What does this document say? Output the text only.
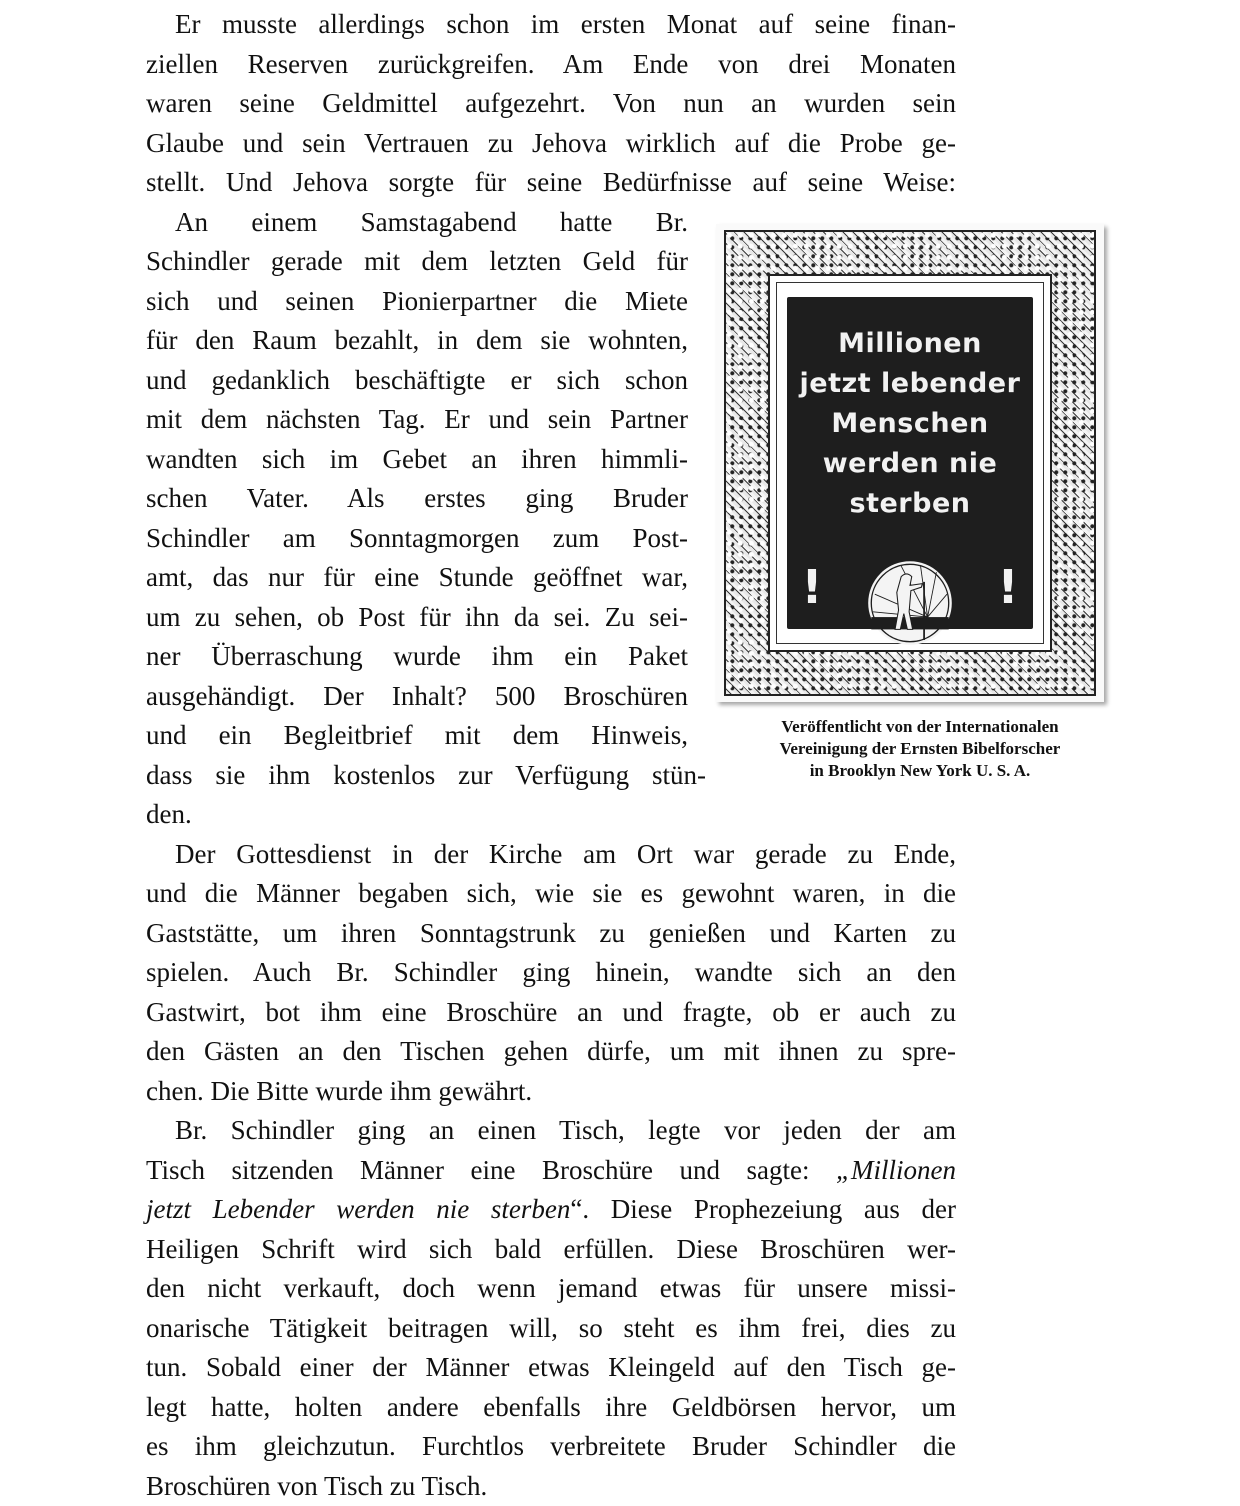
Er musste allerdings schon im ersten Monat auf seine finan-
ziellen Reserven zurückgreifen. Am Ende von drei Monaten
waren seine Geldmittel aufgezehrt. Von nun an wurden sein
Glaube und sein Vertrauen zu Jehova wirklich auf die Probe ge-
stellt. Und Jehova sorgte für seine Bedürfnisse auf seine Weise:
An einem Samstagabend hatte Br.
Schindler gerade mit dem letzten Geld für
sich und seinen Pionierpartner die Miete
für den Raum bezahlt, in dem sie wohnten,
und gedanklich beschäftigte er sich schon
mit dem nächsten Tag. Er und sein Partner
wandten sich im Gebet an ihren himmli-
schen Vater. Als erstes ging Bruder
Schindler am Sonntagmorgen zum Post-
amt, das nur für eine Stunde geöffnet war,
um zu sehen, ob Post für ihn da sei. Zu sei-
ner Überraschung wurde ihm ein Paket
ausgehändigt. Der Inhalt? 500 Broschüren
und ein Begleitbrief mit dem Hinweis,
dass sie ihm kostenlos zur Verfügung stün-
den.
Millionen
jetzt lebender
Menschen
werden nie
sterben
!	!
Veröffentlicht von der Internationalen
Vereinigung der Ernsten Bibelforscher
in Brooklyn New York U. S. A.
Der Gottesdienst in der Kirche am Ort war gerade zu Ende,
und die Männer begaben sich, wie sie es gewohnt waren, in die
Gaststätte, um ihren Sonntagstrunk zu genießen und Karten zu
spielen. Auch Br. Schindler ging hinein, wandte sich an den
Gastwirt, bot ihm eine Broschüre an und fragte, ob er auch zu
den Gästen an den Tischen gehen dürfe, um mit ihnen zu spre-
chen. Die Bitte wurde ihm gewährt.
Br. Schindler ging an einen Tisch, legte vor jeden der am
Tisch sitzenden Männer eine Broschüre und sagte: „Millionen
jetzt Lebender werden nie sterben“. Diese Prophezeiung aus der
Heiligen Schrift wird sich bald erfüllen. Diese Broschüren wer-
den nicht verkauft, doch wenn jemand etwas für unsere missi-
onarische Tätigkeit beitragen will, so steht es ihm frei, dies zu
tun. Sobald einer der Männer etwas Kleingeld auf den Tisch ge-
legt hatte, holten andere ebenfalls ihre Geldbörsen hervor, um
es ihm gleichzutun. Furchtlos verbreitete Bruder Schindler die
Broschüren von Tisch zu Tisch.
